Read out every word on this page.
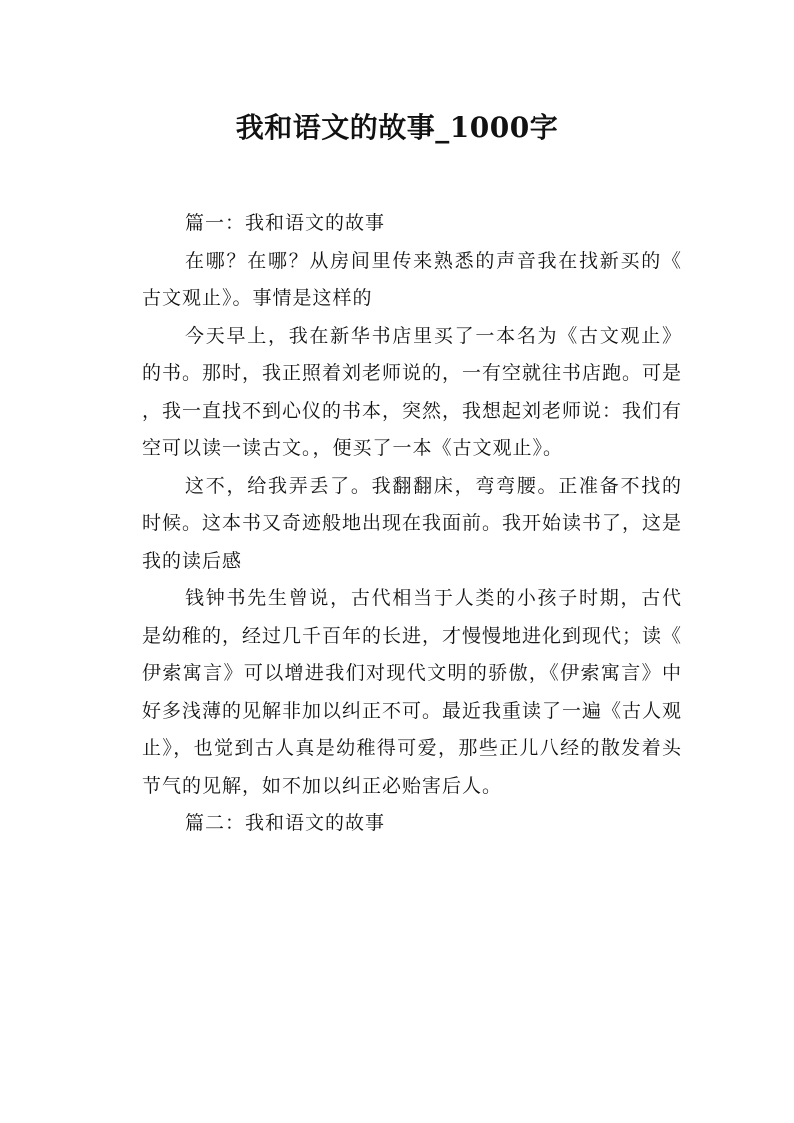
我和语文的故事_1000字

篇一：我和语文的故事

在哪？在哪？从房间里传来熟悉的声音我在找新买的《古文观止》。事情是这样的

今天早上，我在新华书店里买了一本名为《古文观止》的书。那时，我正照着刘老师说的，一有空就往书店跑。可是，我一直找不到心仪的书本，突然，我想起刘老师说：我们有空可以读一读古文。，便买了一本《古文观止》。

这不，给我弄丢了。我翻翻床，弯弯腰。正准备不找的时候。这本书又奇迹般地出现在我面前。我开始读书了，这是我的读后感

钱钟书先生曾说，古代相当于人类的小孩子时期，古代是幼稚的，经过几千百年的长进，才慢慢地进化到现代；读《伊索寓言》可以增进我们对现代文明的骄傲，《伊索寓言》中好多浅薄的见解非加以纠正不可。最近我重读了一遍《古人观止》，也觉到古人真是幼稚得可爱，那些正儿八经的散发着头节气的见解，如不加以纠正必贻害后人。

篇二：我和语文的故事
